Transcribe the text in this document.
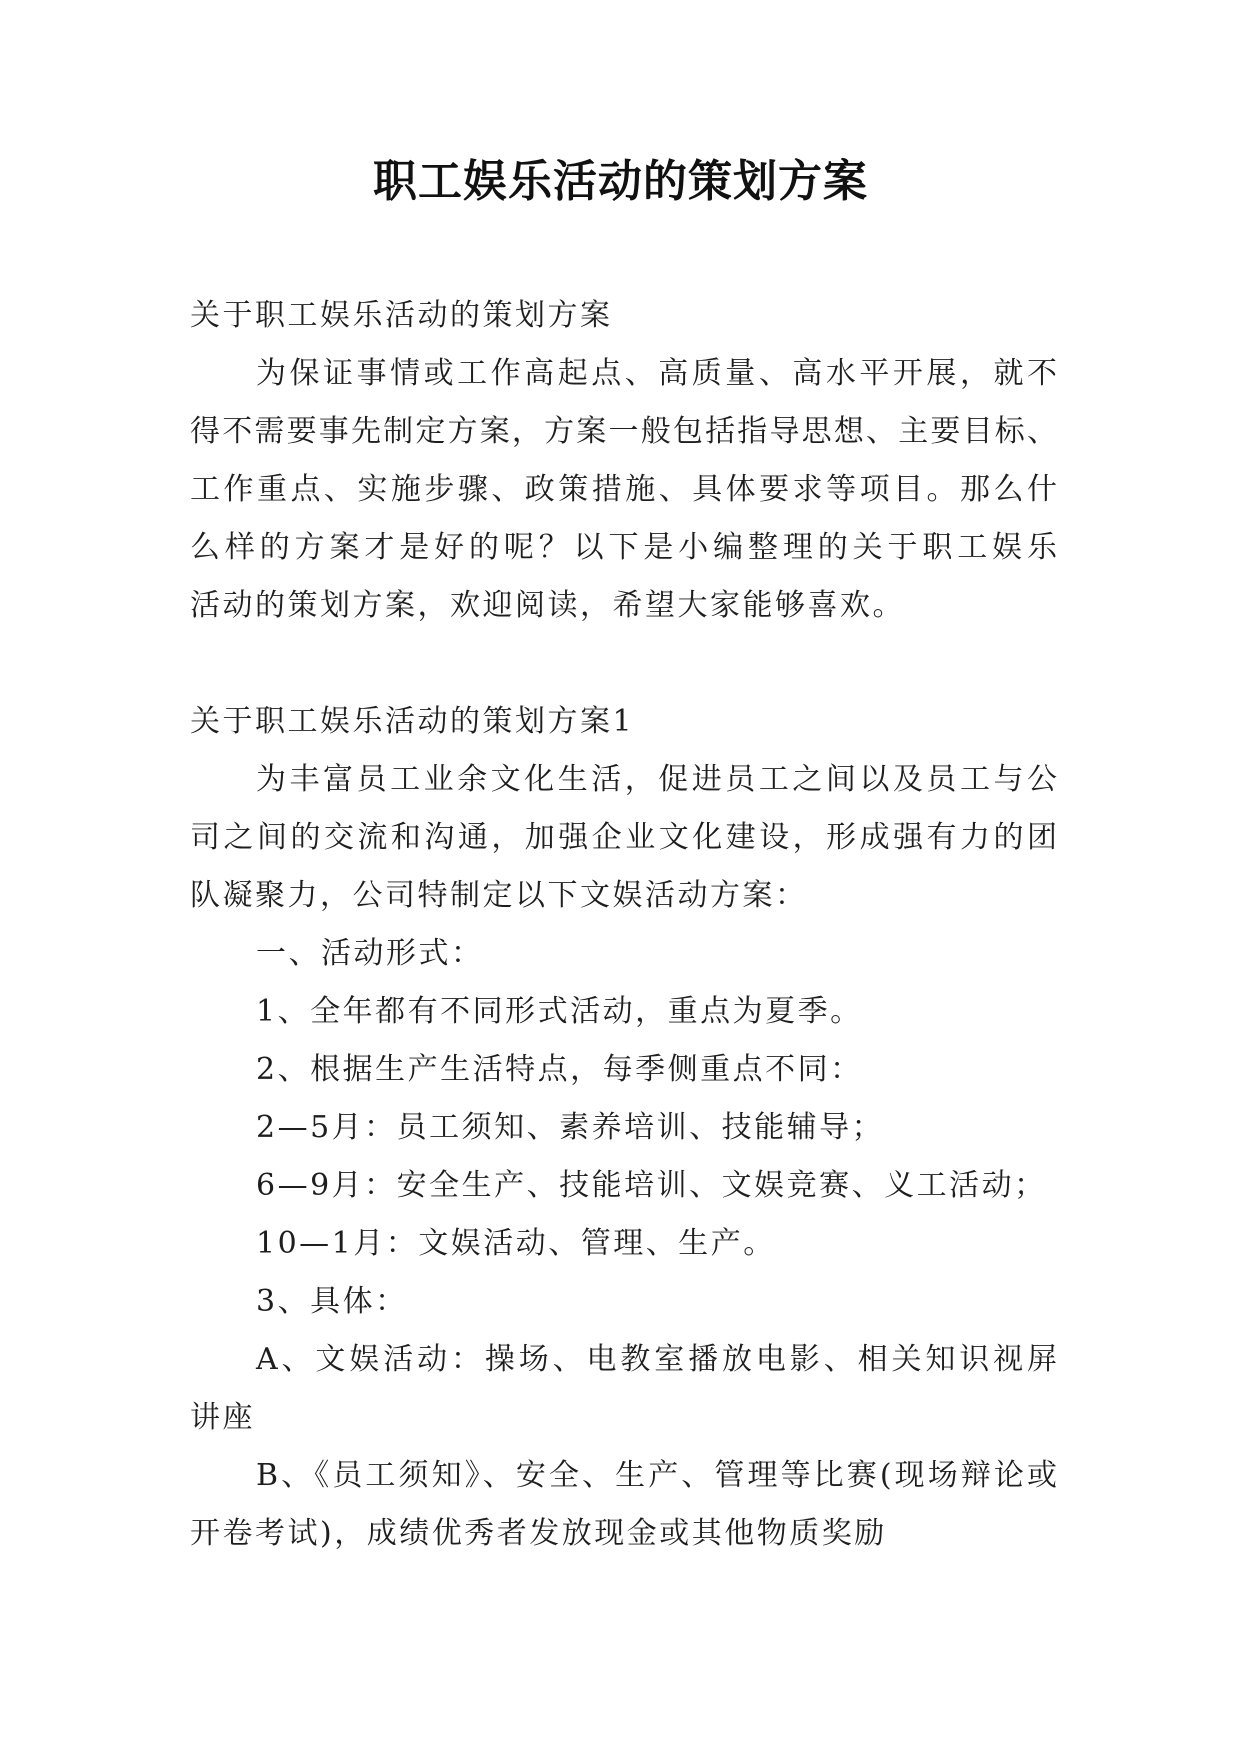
职工娱乐活动的策划方案
关于职工娱乐活动的策划方案
为保证事情或工作高起点、高质量、高水平开展，就不
得不需要事先制定方案，方案一般包括指导思想、主要目标、
工作重点、实施步骤、政策措施、具体要求等项目。那么什
么样的方案才是好的呢？以下是小编整理的关于职工娱乐
活动的策划方案，欢迎阅读，希望大家能够喜欢。
关于职工娱乐活动的策划方案1
为丰富员工业余文化生活，促进员工之间以及员工与公
司之间的交流和沟通，加强企业文化建设，形成强有力的团
队凝聚力，公司特制定以下文娱活动方案：
一、活动形式：
1、全年都有不同形式活动，重点为夏季。
2、根据生产生活特点，每季侧重点不同：
2—5月：员工须知、素养培训、技能辅导；
6—9月：安全生产、技能培训、文娱竞赛、义工活动；
10—1月：文娱活动、管理、生产。
3、具体：
A、文娱活动：操场、电教室播放电影、相关知识视屏
讲座
B、《员工须知》、安全、生产、管理等比赛(现场辩论或
开卷考试)，成绩优秀者发放现金或其他物质奖励
